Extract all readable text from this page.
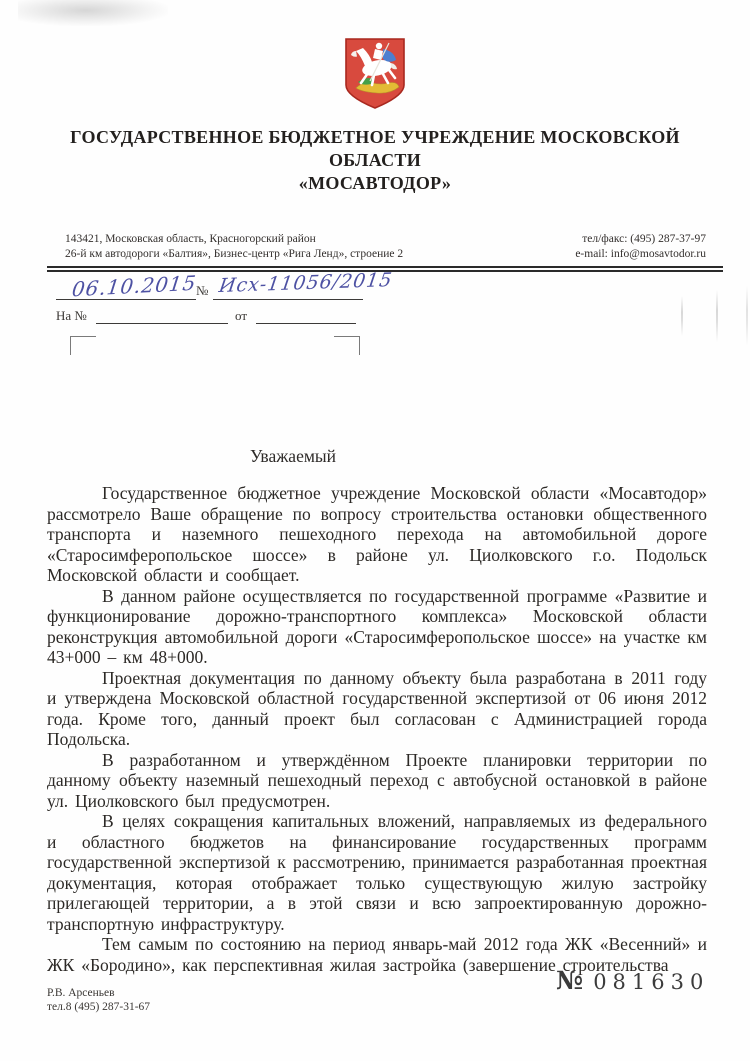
ГОСУДАРСТВЕННОЕ БЮДЖЕТНОЕ УЧРЕЖДЕНИЕ МОСКОВСКОЙ ОБЛАСТИ
«МОСАВТОДОР»
143421, Московская область, Красногорский район
26-й км автодороги «Балтия», Бизнес-центр «Рига Ленд», строение 2
тел/факс: (495) 287-37-97
e-mail: info@mosavtodor.ru
06.10.2015
№ Исх-11056/2015
На №	от
Уважаемый

Государственное бюджетное учреждение Московской области «Мосавтодор» рассмотрело Ваше обращение по вопросу строительства остановки общественного транспорта и наземного пешеходного перехода на автомобильной дороге «Старосимферопольское шоссе» в районе ул. Циолковского г.о. Подольск Московской области и сообщает.

В данном районе осуществляется по государственной программе «Развитие и функционирование дорожно-транспортного комплекса» Московской области реконструкция автомобильной дороги «Старосимферопольское шоссе» на участке км 43+000 – км 48+000.

Проектная документация по данному объекту была разработана в 2011 году и утверждена Московской областной государственной экспертизой от 06 июня 2012 года. Кроме того, данный проект был согласован с Администрацией города Подольска.

В разработанном и утверждённом Проекте планировки территории по данному объекту наземный пешеходный переход с автобусной остановкой в районе ул. Циолковского был предусмотрен.

В целях сокращения капитальных вложений, направляемых из федерального и областного бюджетов на финансирование государственных программ государственной экспертизой к рассмотрению, принимается разработанная проектная документация, которая отображает только существующую жилую застройку прилегающей территории, а в этой связи и всю запроектированную дорожно-транспортную инфраструктуру.

Тем самым по состоянию на период январь-май 2012 года ЖК «Весенний» и ЖК «Бородино», как перспективная жилая застройка (завершение строительства

№ 081630
Р.В. Арсеньев
тел.8 (495) 287-31-67
